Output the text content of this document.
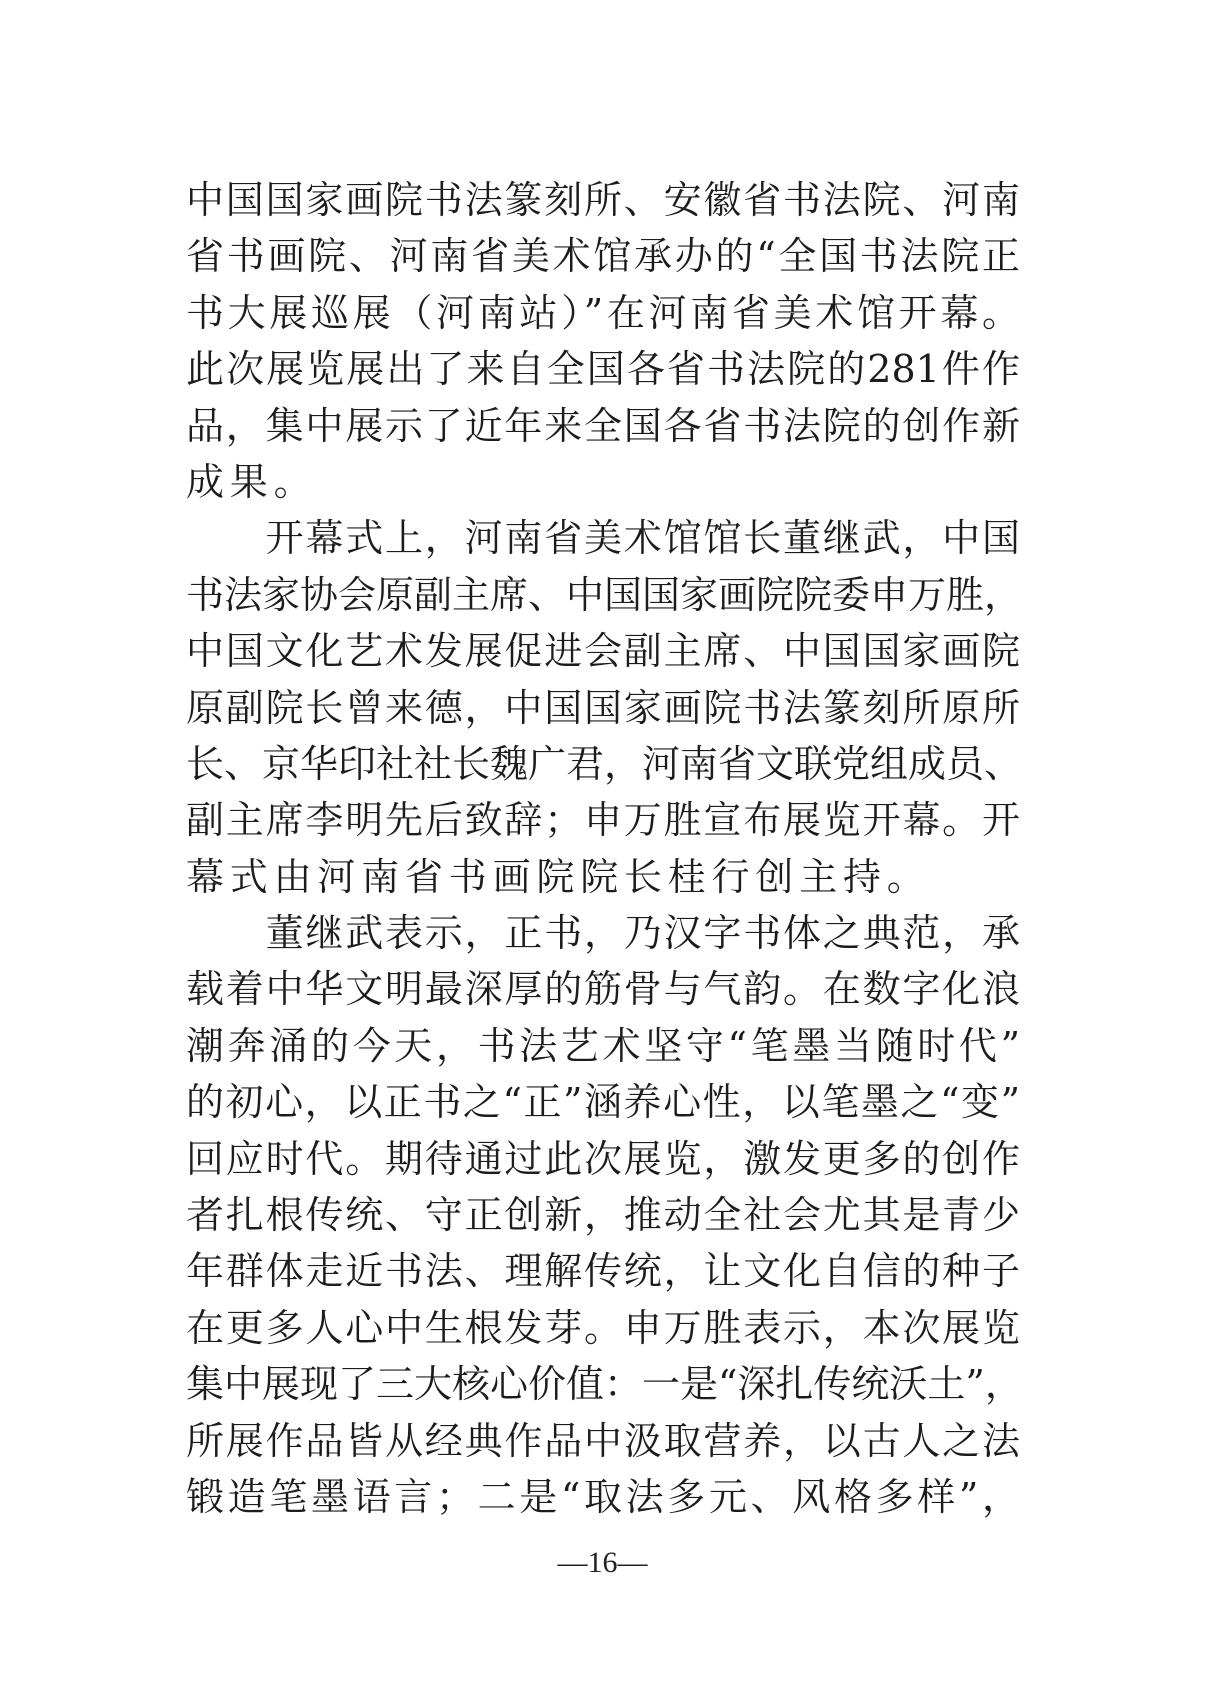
中国国家画院书法篆刻所、安徽省书法院、河南
省书画院、河南省美术馆承办的“全国书法院正
书大展巡展（河南站）”在河南省美术馆开幕。
此次展览展出了来自全国各省书法院的281件作
品，集中展示了近年来全国各省书法院的创作新
成果。
　　开幕式上，河南省美术馆馆长董继武，中国
书法家协会原副主席、中国国家画院院委申万胜，
中国文化艺术发展促进会副主席、中国国家画院
原副院长曾来德，中国国家画院书法篆刻所原所
长、京华印社社长魏广君，河南省文联党组成员、
副主席李明先后致辞；申万胜宣布展览开幕。开
幕式由河南省书画院院长桂行创主持。
　　董继武表示，正书，乃汉字书体之典范，承
载着中华文明最深厚的筋骨与气韵。在数字化浪
潮奔涌的今天，书法艺术坚守“笔墨当随时代”
的初心，以正书之“正”涵养心性，以笔墨之“变”
回应时代。期待通过此次展览，激发更多的创作
者扎根传统、守正创新，推动全社会尤其是青少
年群体走近书法、理解传统，让文化自信的种子
在更多人心中生根发芽。申万胜表示，本次展览
集中展现了三大核心价值：一是“深扎传统沃土”，
所展作品皆从经典作品中汲取营养，以古人之法
锻造笔墨语言；二是“取法多元、风格多样”，
—16—
